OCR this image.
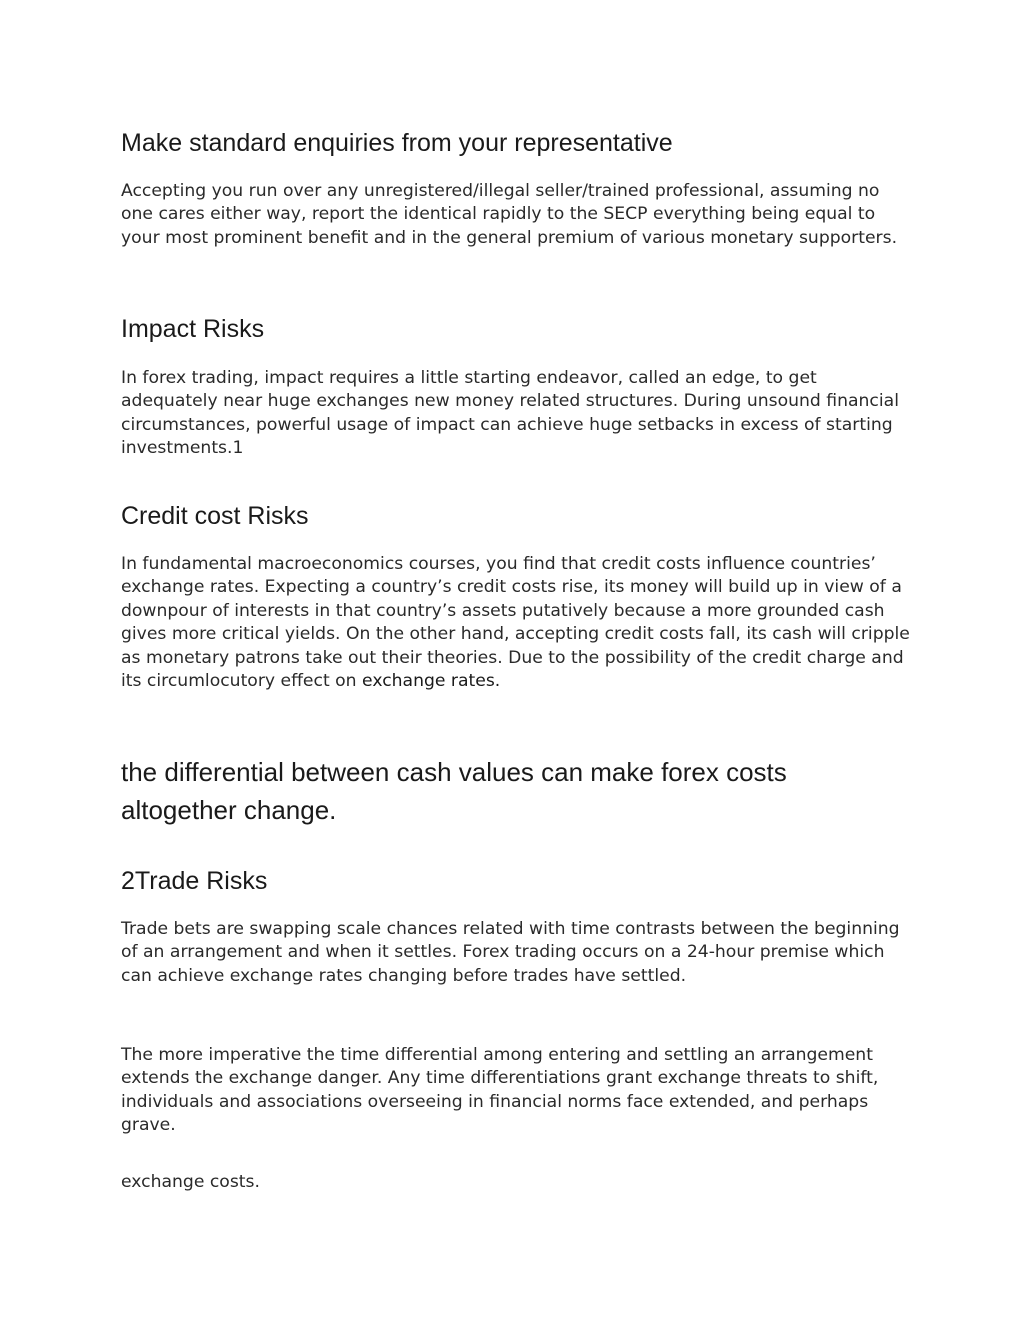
Make standard enquiries from your representative

Accepting you run over any unregistered/illegal seller/trained professional, assuming no one cares either way, report the identical rapidly to the SECP everything being equal to your most prominent benefit and in the general premium of various monetary supporters.

Impact Risks

In forex trading, impact requires a little starting endeavor, called an edge, to get adequately near huge exchanges new money related structures. During unsound financial circumstances, powerful usage of impact can achieve huge setbacks in excess of starting investments.1

Credit cost Risks

In fundamental macroeconomics courses, you find that credit costs influence countries’ exchange rates. Expecting a country’s credit costs rise, its money will build up in view of a downpour of interests in that country’s assets putatively because a more grounded cash gives more critical yields. On the other hand, accepting credit costs fall, its cash will cripple as monetary patrons take out their theories. Due to the possibility of the credit charge and its circumlocutory effect on exchange rates.

the differential between cash values can make forex costs altogether change.
2Trade Risks

Trade bets are swapping scale chances related with time contrasts between the beginning of an arrangement and when it settles. Forex trading occurs on a 24-hour premise which can achieve exchange rates changing before trades have settled.

The more imperative the time differential among entering and settling an arrangement extends the exchange danger. Any time differentiations grant exchange threats to shift, individuals and associations overseeing in financial norms face extended, and perhaps grave.

exchange costs.
